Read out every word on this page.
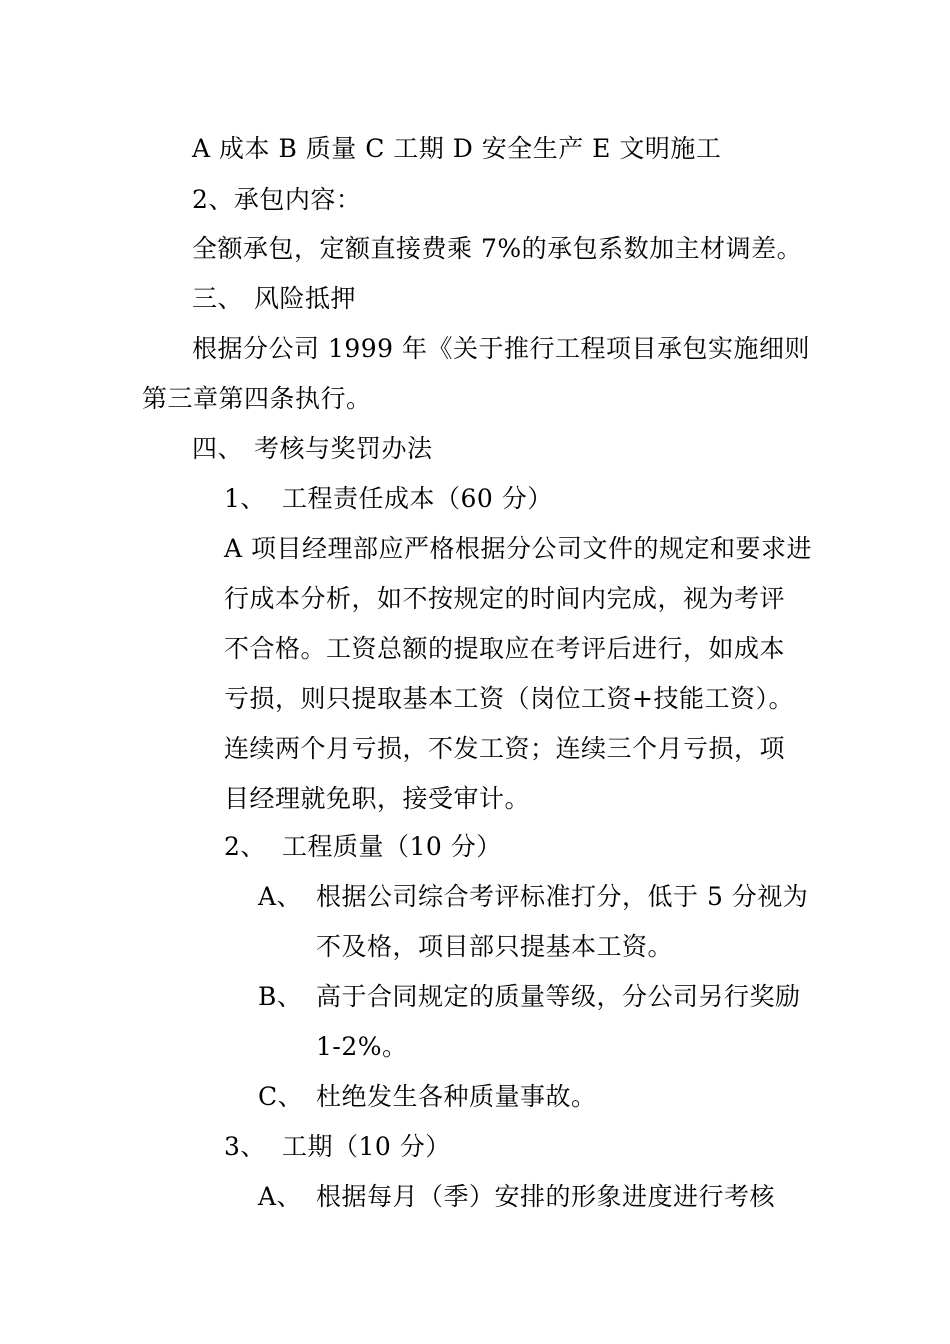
A 成本 B 质量 C 工期 D 安全生产 E 文明施工
2、承包内容：
全额承包，定额直接费乘 7%的承包系数加主材调差。
三、 风险抵押
根据分公司 1999 年《关于推行工程项目承包实施细则
第三章第四条执行。
四、 考核与奖罚办法
1、 工程责任成本（60 分）
A 项目经理部应严格根据分公司文件的规定和要求进
行成本分析，如不按规定的时间内完成，视为考评
不合格。工资总额的提取应在考评后进行，如成本
亏损，则只提取基本工资（岗位工资+技能工资）。
连续两个月亏损，不发工资；连续三个月亏损，项
目经理就免职，接受审计。
2、 工程质量（10 分）
A、 根据公司综合考评标准打分，低于 5 分视为
不及格，项目部只提基本工资。
B、 高于合同规定的质量等级，分公司另行奖励
1-2%。
C、 杜绝发生各种质量事故。
3、 工期（10 分）
A、 根据每月（季）安排的形象进度进行考核
